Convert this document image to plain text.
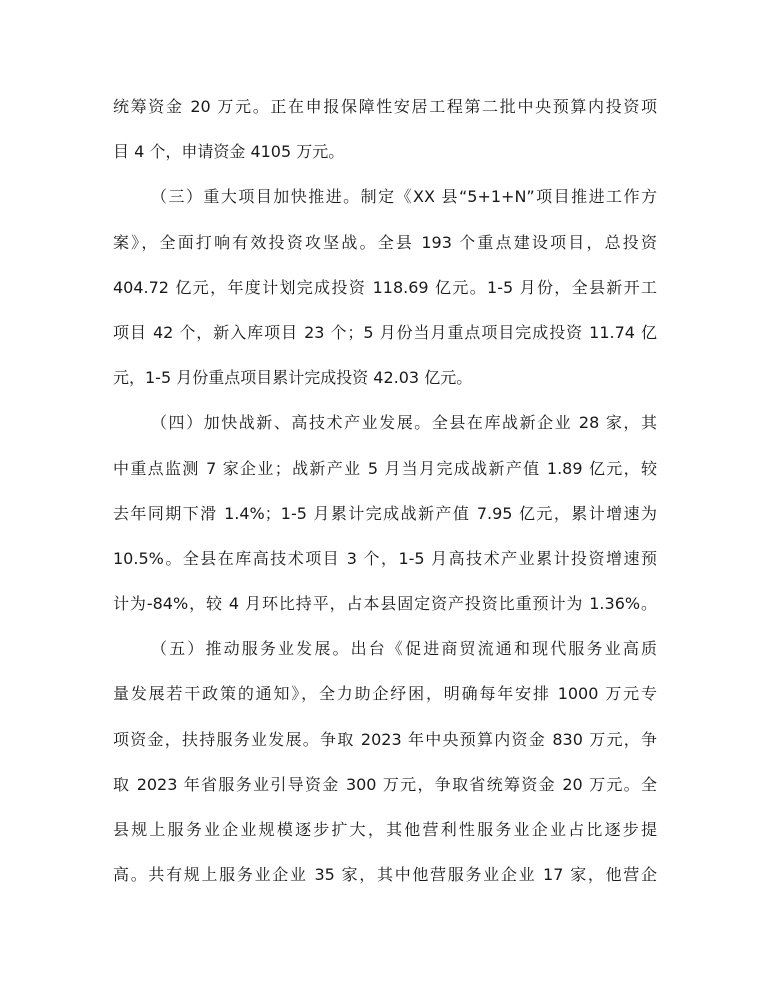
统筹资金 20 万元。正在申报保障性安居工程第二批中央预算内投资项
目 4 个，申请资金 4105 万元。
（三）重大项目加快推进。制定《XX 县“5+1+N”项目推进工作方
案》，全面打响有效投资攻坚战。全县 193 个重点建设项目，总投资
404.72 亿元，年度计划完成投资 118.69 亿元。1-5 月份，全县新开工
项目 42 个，新入库项目 23 个；5 月份当月重点项目完成投资 11.74 亿
元，1-5 月份重点项目累计完成投资 42.03 亿元。
（四）加快战新、高技术产业发展。全县在库战新企业 28 家，其
中重点监测 7 家企业；战新产业 5 月当月完成战新产值 1.89 亿元，较
去年同期下滑 1.4%；1-5 月累计完成战新产值 7.95 亿元，累计增速为
10.5%。全县在库高技术项目 3 个，1-5 月高技术产业累计投资增速预
计为-84%，较 4 月环比持平，占本县固定资产投资比重预计为 1.36%。
（五）推动服务业发展。出台《促进商贸流通和现代服务业高质
量发展若干政策的通知》，全力助企纾困，明确每年安排 1000 万元专
项资金，扶持服务业发展。争取 2023 年中央预算内资金 830 万元，争
取 2023 年省服务业引导资金 300 万元，争取省统筹资金 20 万元。全
县规上服务业企业规模逐步扩大，其他营利性服务业企业占比逐步提
高。共有规上服务业企业 35 家，其中他营服务业企业 17 家，他营企
